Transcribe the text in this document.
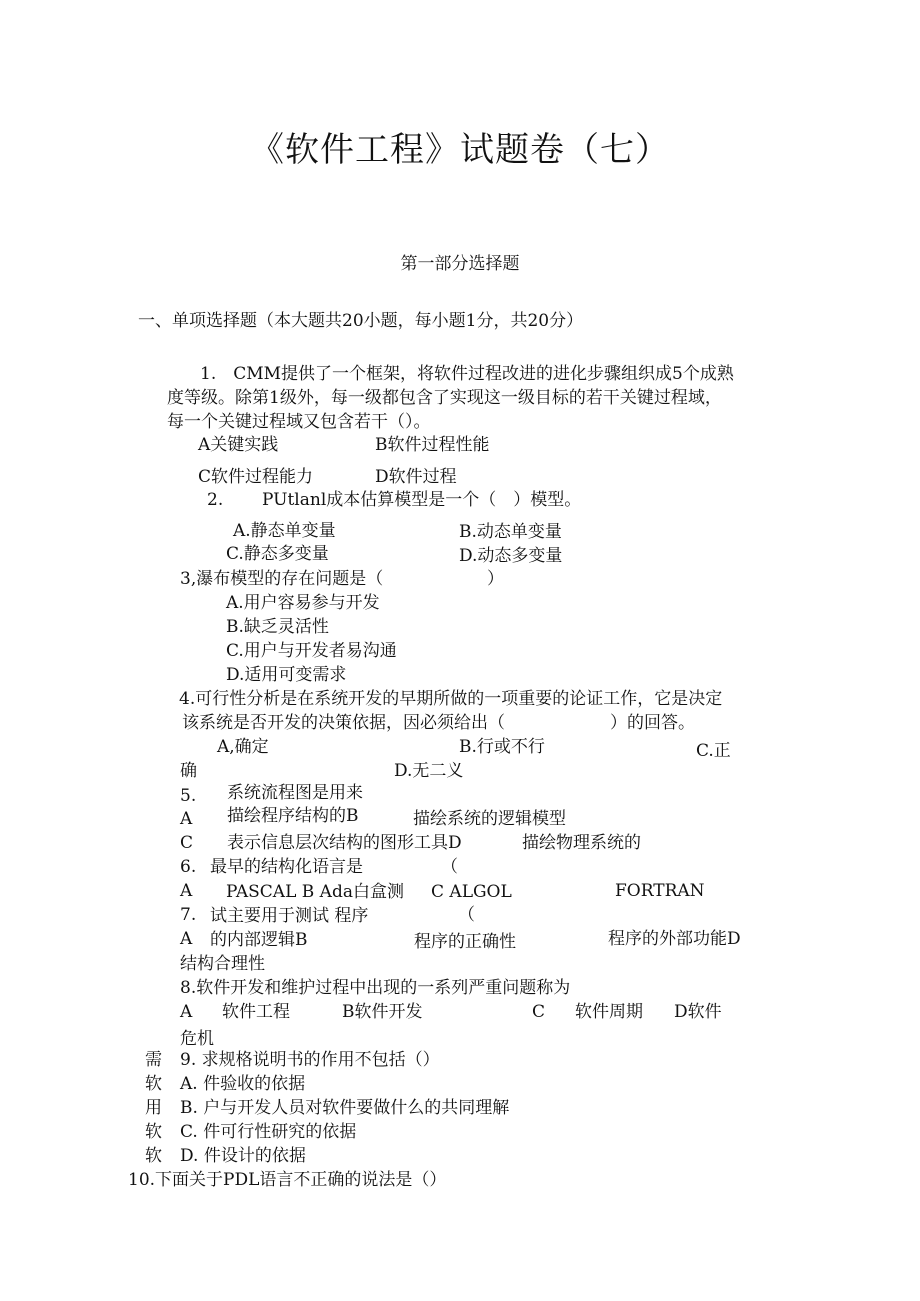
《软件工程》试题卷（七）
第一部分选择题
一、单项选择题（本大题共20小题，每小题1分，共20分）
1.　CMM提供了一个框架，将软件过程改进的进化步骤组织成5个成熟
度等级。除第1级外，每一级都包含了实现这一级目标的若干关键过程域，
每一个关键过程域又包含若干（）。
A关键实践	B软件过程性能
C软件过程能力	D软件过程
2. PUtlanl成本估算模型是一个（　）模型。
A.静态单变量	B.动态单变量
C.静态多变量	D.动态多变量
3,瀑布模型的存在问题是（	）
A.用户容易参与开发
B.缺乏灵活性
C.用户与开发者易沟通
D.适用可变需求
4.可行性分析是在系统开发的早期所做的一项重要的论证工作，它是决定
该系统是否开发的决策依据，因必须给出（	）的回答。
A,确定	B.行或不行	C.正
确	D.无二义
5. 系统流程图是用来
A 描绘程序结构的B	描绘系统的逻辑模型
C 表示信息层次结构的图形工具D	描绘物理系统的
6. 最早的结构化语言是	（
A PASCAL B Ada白盒测 C ALGOL	FORTRAN
7. 试主要用于测试 程序	（
A 的内部逻辑B	程序的正确性	程序的外部功能D
结构合理性
8.软件开发和维护过程中出现的一系列严重问题称为
A 软件工程	B软件开发	C 软件周期 D软件
危机
需 9. 求规格说明书的作用不包括（）
软 A. 件验收的依据
用 B. 户与开发人员对软件要做什么的共同理解
软 C. 件可行性研究的依据
软 D. 件设计的依据
10.下面关于PDL语言不正确的说法是（）
